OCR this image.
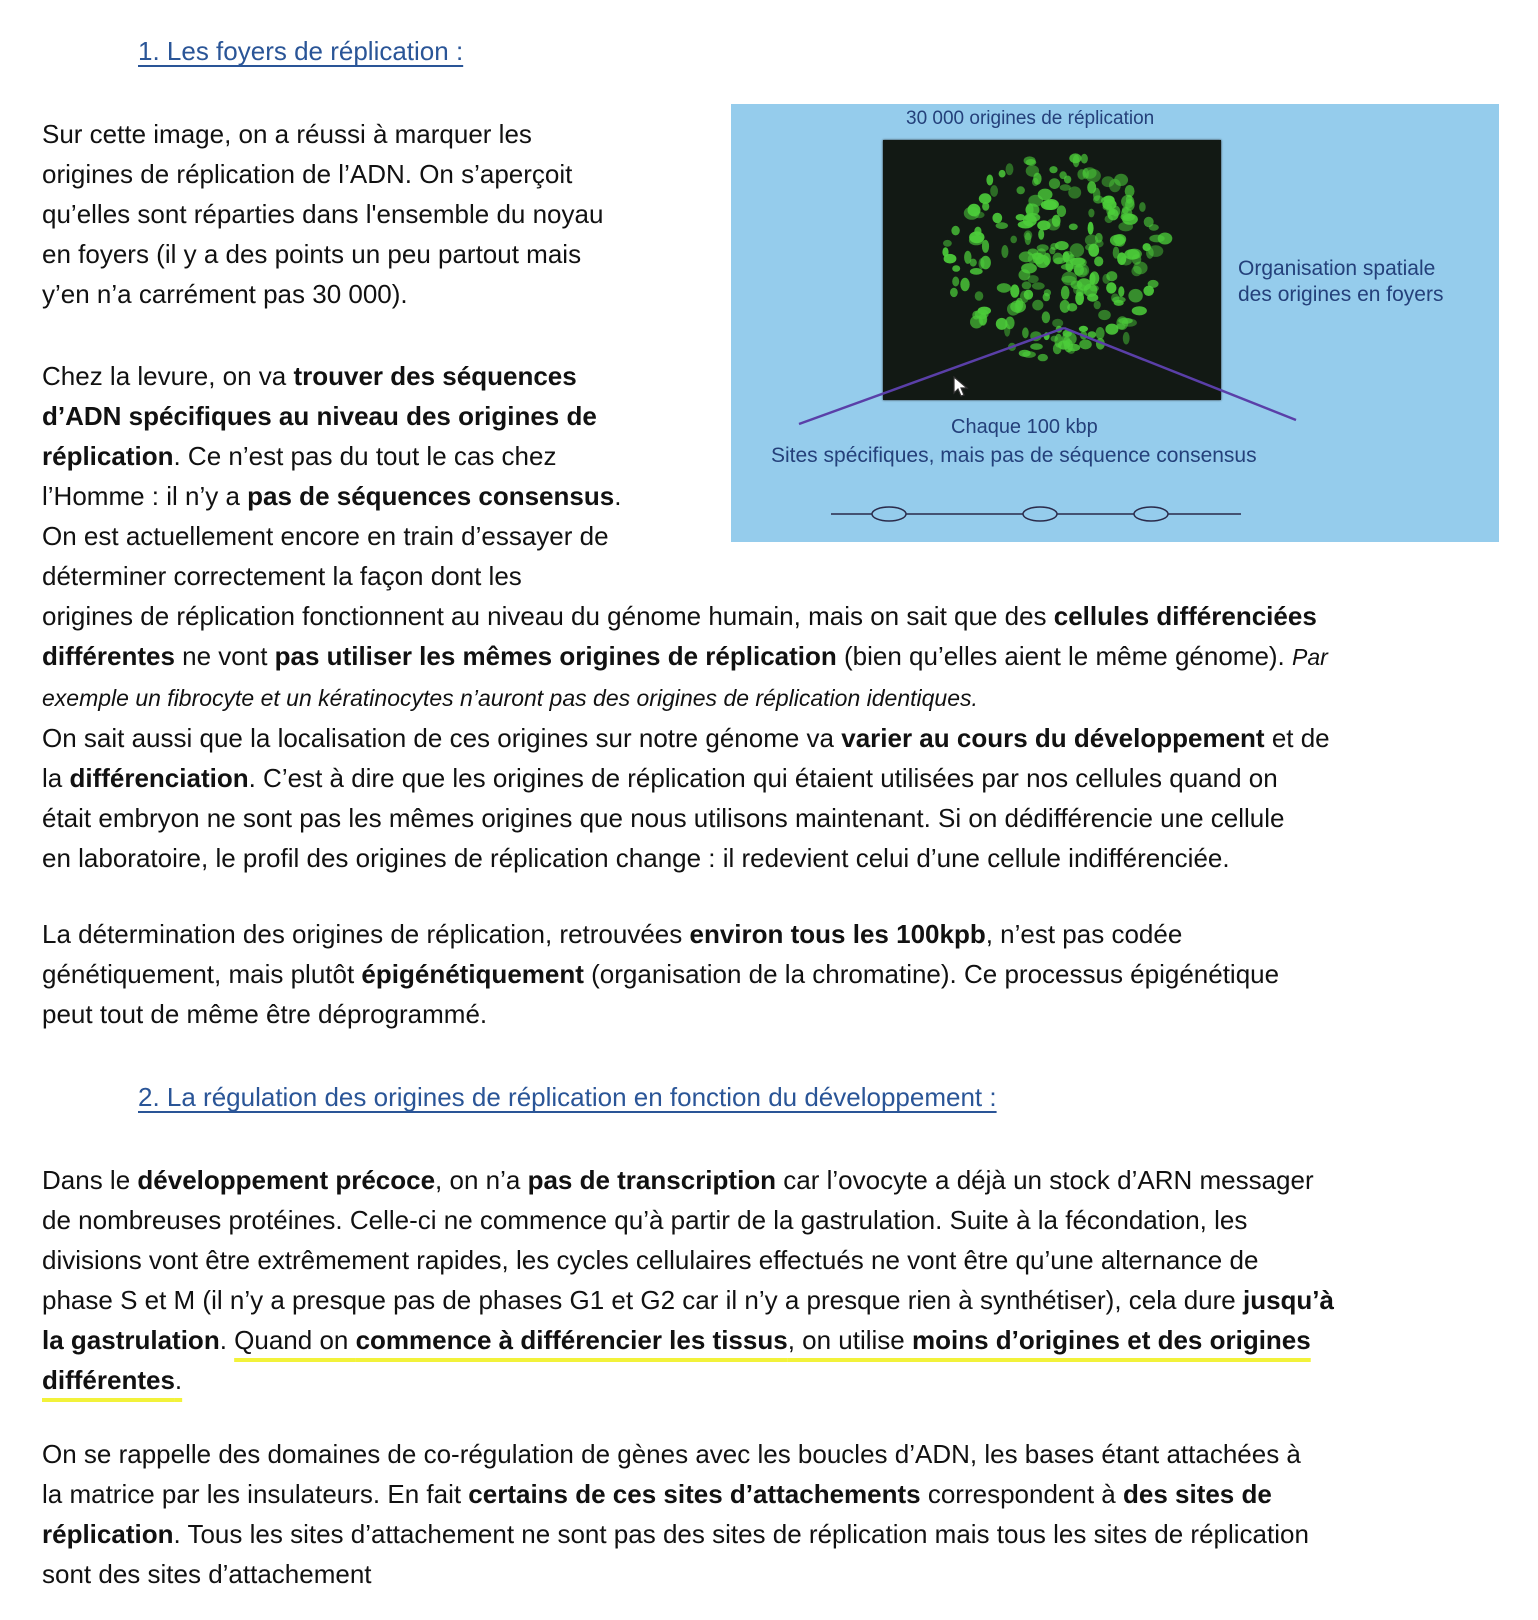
1. Les foyers de réplication :
30 000 origines de réplication
Organisation spatiale
des origines en foyers
Chaque 100 kbp
Sites spécifiques, mais pas de séquence consensus
Sur cette image, on a réussi à marquer les
origines de réplication de l’ADN. On s’aperçoit
qu’elles sont réparties dans l'ensemble du noyau
en foyers (il y a des points un peu partout mais
y’en n’a carrément pas 30 000).
Chez la levure, on va trouver des séquences
d’ADN spécifiques au niveau des origines de
réplication. Ce n’est pas du tout le cas chez
l’Homme : il n’y a pas de séquences consensus.
On est actuellement encore en train d’essayer de
déterminer correctement la façon dont les
origines de réplication fonctionnent au niveau du génome humain, mais on sait que des cellules différenciées
différentes ne vont pas utiliser les mêmes origines de réplication (bien qu’elles aient le même génome). Par
exemple un fibrocyte et un kératinocytes n’auront pas des origines de réplication identiques.
On sait aussi que la localisation de ces origines sur notre génome va varier au cours du développement et de
la différenciation. C’est à dire que les origines de réplication qui étaient utilisées par nos cellules quand on
était embryon ne sont pas les mêmes origines que nous utilisons maintenant. Si on dédifférencie une cellule
en laboratoire, le profil des origines de réplication change : il redevient celui d’une cellule indifférenciée.
La détermination des origines de réplication, retrouvées environ tous les 100kpb, n’est pas codée
génétiquement, mais plutôt épigénétiquement (organisation de la chromatine). Ce processus épigénétique
peut tout de même être déprogrammé.
2. La régulation des origines de réplication en fonction du développement :
Dans le développement précoce, on n’a pas de transcription car l’ovocyte a déjà un stock d’ARN messager
de nombreuses protéines. Celle-ci ne commence qu’à partir de la gastrulation. Suite à la fécondation, les
divisions vont être extrêmement rapides, les cycles cellulaires effectués ne vont être qu’une alternance de
phase S et M (il n’y a presque pas de phases G1 et G2 car il n’y a presque rien à synthétiser), cela dure jusqu’à
la gastrulation. Quand on commence à différencier les tissus, on utilise moins d’origines et des origines
différentes.
On se rappelle des domaines de co-régulation de gènes avec les boucles d’ADN, les bases étant attachées à
la matrice par les insulateurs. En fait certains de ces sites d’attachements correspondent à des sites de
réplication. Tous les sites d’attachement ne sont pas des sites de réplication mais tous les sites de réplication
sont des sites d’attachement
